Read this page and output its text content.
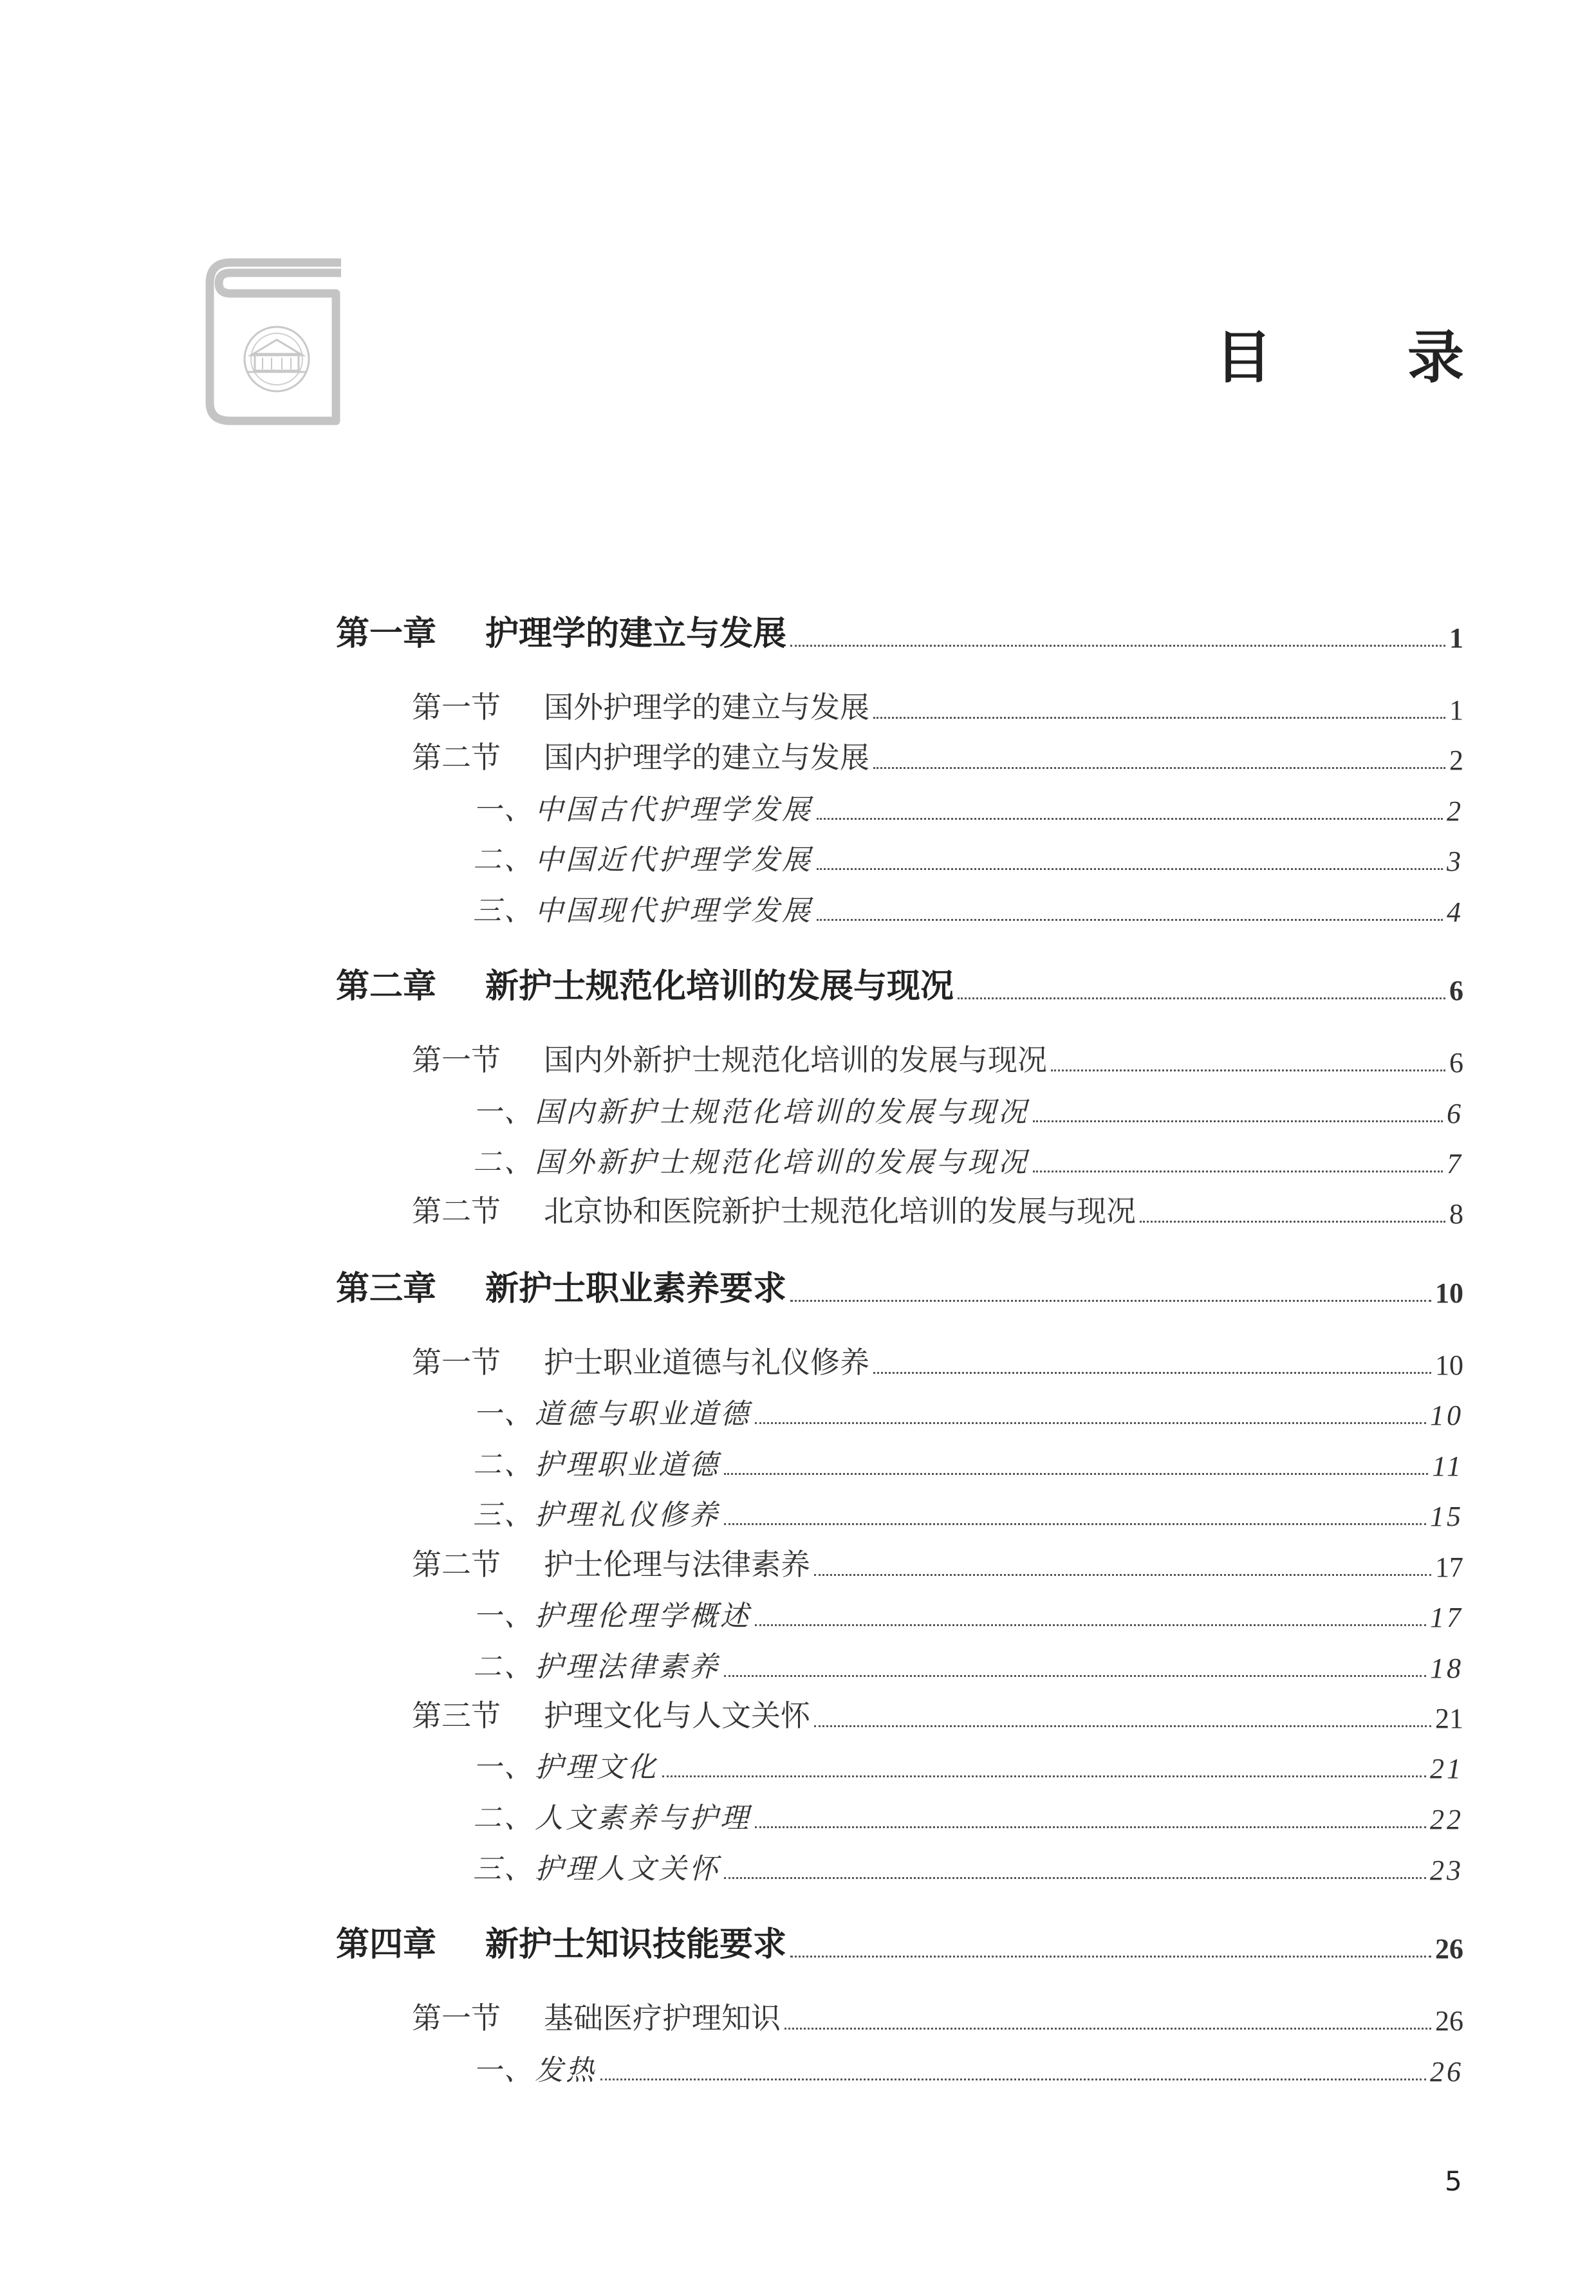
目 录
第一章	护理学的建立与发展	1
第一节	国外护理学的建立与发展	1
第二节	国内护理学的建立与发展	2
一、 中国古代护理学发展	2
二、 中国近代护理学发展	3
三、 中国现代护理学发展	4
第二章	新护士规范化培训的发展与现况	6
第一节	国内外新护士规范化培训的发展与现况	6
一、 国内新护士规范化培训的发展与现况	6
二、 国外新护士规范化培训的发展与现况	7
第二节	北京协和医院新护士规范化培训的发展与现况	8
第三章	新护士职业素养要求	10
第一节	护士职业道德与礼仪修养	10
一、 道德与职业道德	10
二、 护理职业道德	11
三、 护理礼仪修养	15
第二节	护士伦理与法律素养	17
一、 护理伦理学概述	17
二、 护理法律素养	18
第三节	护理文化与人文关怀	21
一、 护理文化	21
二、 人文素养与护理	22
三、 护理人文关怀	23
第四章	新护士知识技能要求	26
第一节	基础医疗护理知识	26
一、 发热	26
5
